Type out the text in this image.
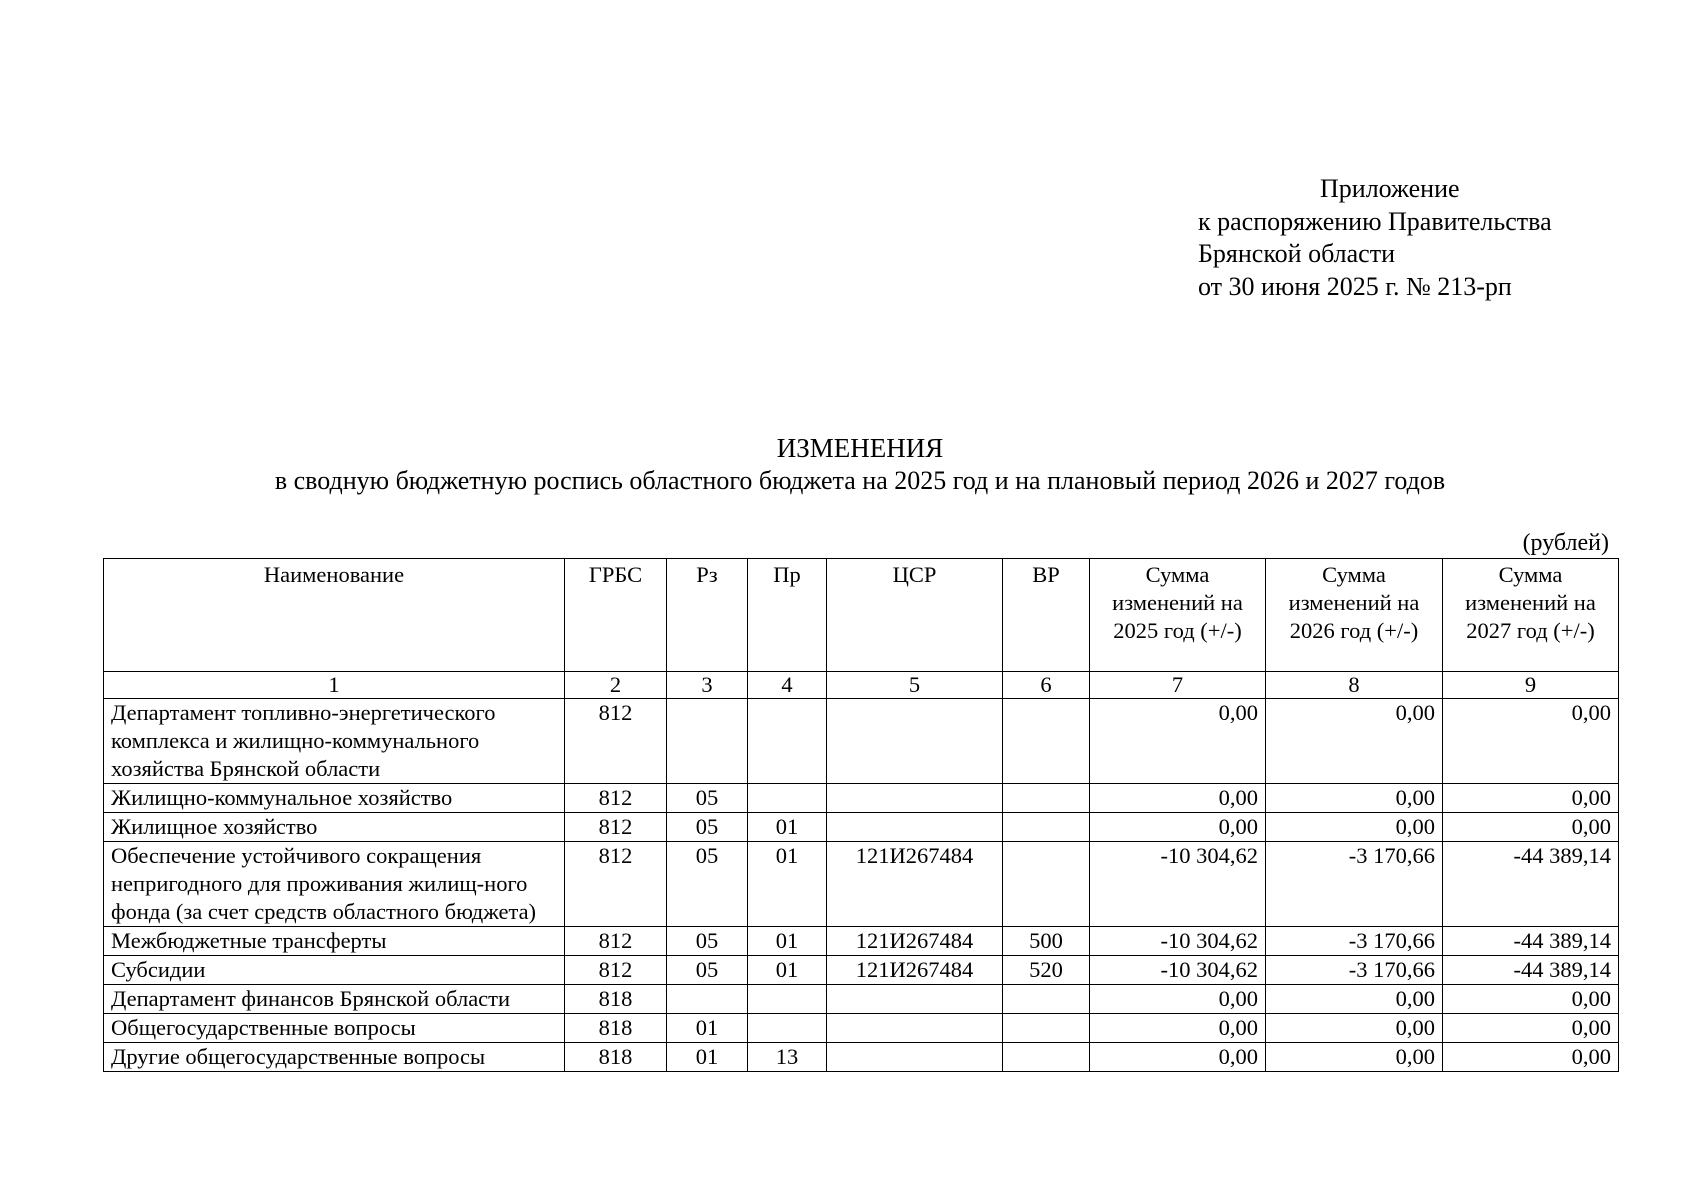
Приложение
к распоряжению Правительства
Брянской области
от 30 июня 2025 г. № 213-рп
ИЗМЕНЕНИЯ
в сводную бюджетную роспись областного бюджета на 2025 год и на плановый период 2026 и 2027 годов
(рублей)
Наименование	ГРБС	Рз	Пр	ЦСР	ВР	Сумма изменений на 2025 год (+/-)	Сумма изменений на 2026 год (+/-)	Сумма изменений на 2027 год (+/-)
1	2	3	4	5	6	7	8	9
Департамент топливно-энергетического комплекса и жилищно-коммунального хозяйства Брянской области	812					0,00	0,00	0,00
Жилищно-коммунальное хозяйство	812	05				0,00	0,00	0,00
Жилищное хозяйство	812	05	01			0,00	0,00	0,00
Обеспечение устойчивого сокращения непригодного для проживания жилищ-ного фонда (за счет средств областного бюджета)	812	05	01	121И267484		-10 304,62	-3 170,66	-44 389,14
Межбюджетные трансферты	812	05	01	121И267484	500	-10 304,62	-3 170,66	-44 389,14
Субсидии	812	05	01	121И267484	520	-10 304,62	-3 170,66	-44 389,14
Департамент финансов Брянской области	818					0,00	0,00	0,00
Общегосударственные вопросы	818	01				0,00	0,00	0,00
Другие общегосударственные вопросы	818	01	13			0,00	0,00	0,00
